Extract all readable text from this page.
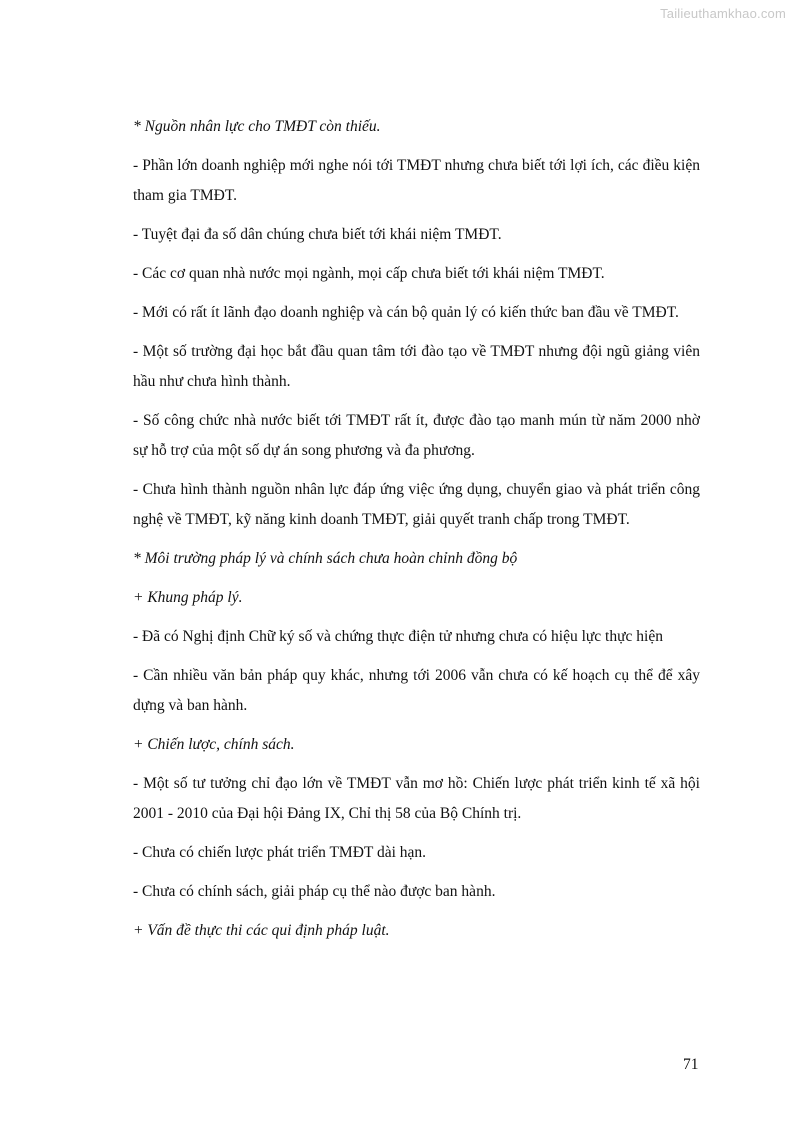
Tailieuthamkhao.com

* Nguồn nhân lực cho TMĐT còn thiếu.

- Phần lớn doanh nghiệp mới nghe nói tới TMĐT nhưng chưa biết tới lợi ích, các điều kiện tham gia TMĐT.

- Tuyệt đại đa số dân chúng chưa biết tới khái niệm TMĐT.

- Các cơ quan nhà nước mọi ngành, mọi cấp chưa biết tới khái niệm TMĐT.

- Mới có rất ít lãnh đạo doanh nghiệp và cán bộ quản lý có kiến thức ban đầu về TMĐT.

- Một số trường đại học bắt đầu quan tâm tới đào tạo về TMĐT nhưng đội ngũ giảng viên hầu như chưa hình thành.

- Số công chức nhà nước biết tới TMĐT rất ít, được đào tạo manh mún từ năm 2000 nhờ sự hỗ trợ của một số dự án song phương và đa phương.

- Chưa hình thành nguồn nhân lực đáp ứng việc ứng dụng, chuyển giao và phát triển công nghệ về TMĐT, kỹ năng kinh doanh TMĐT, giải quyết tranh chấp trong TMĐT.

* Môi trường pháp lý và chính sách chưa hoàn chỉnh đồng bộ

+ Khung pháp lý.

- Đã có Nghị định Chữ ký số và chứng thực điện tử nhưng chưa có hiệu lực thực hiện

- Cần nhiều văn bản pháp quy khác, nhưng tới 2006 vẫn chưa có kế hoạch cụ thể để xây dựng và ban hành.

+ Chiến lược, chính sách.

- Một số tư tưởng chỉ đạo lớn về TMĐT vẫn mơ hồ: Chiến lược phát triển kinh tế xã hội 2001 - 2010 của Đại hội Đảng IX, Chỉ thị 58 của Bộ Chính trị.

- Chưa có chiến lược phát triển TMĐT dài hạn.

- Chưa có chính sách, giải pháp cụ thể nào được ban hành.

+ Vấn đề thực thi các qui định pháp luật.

71
